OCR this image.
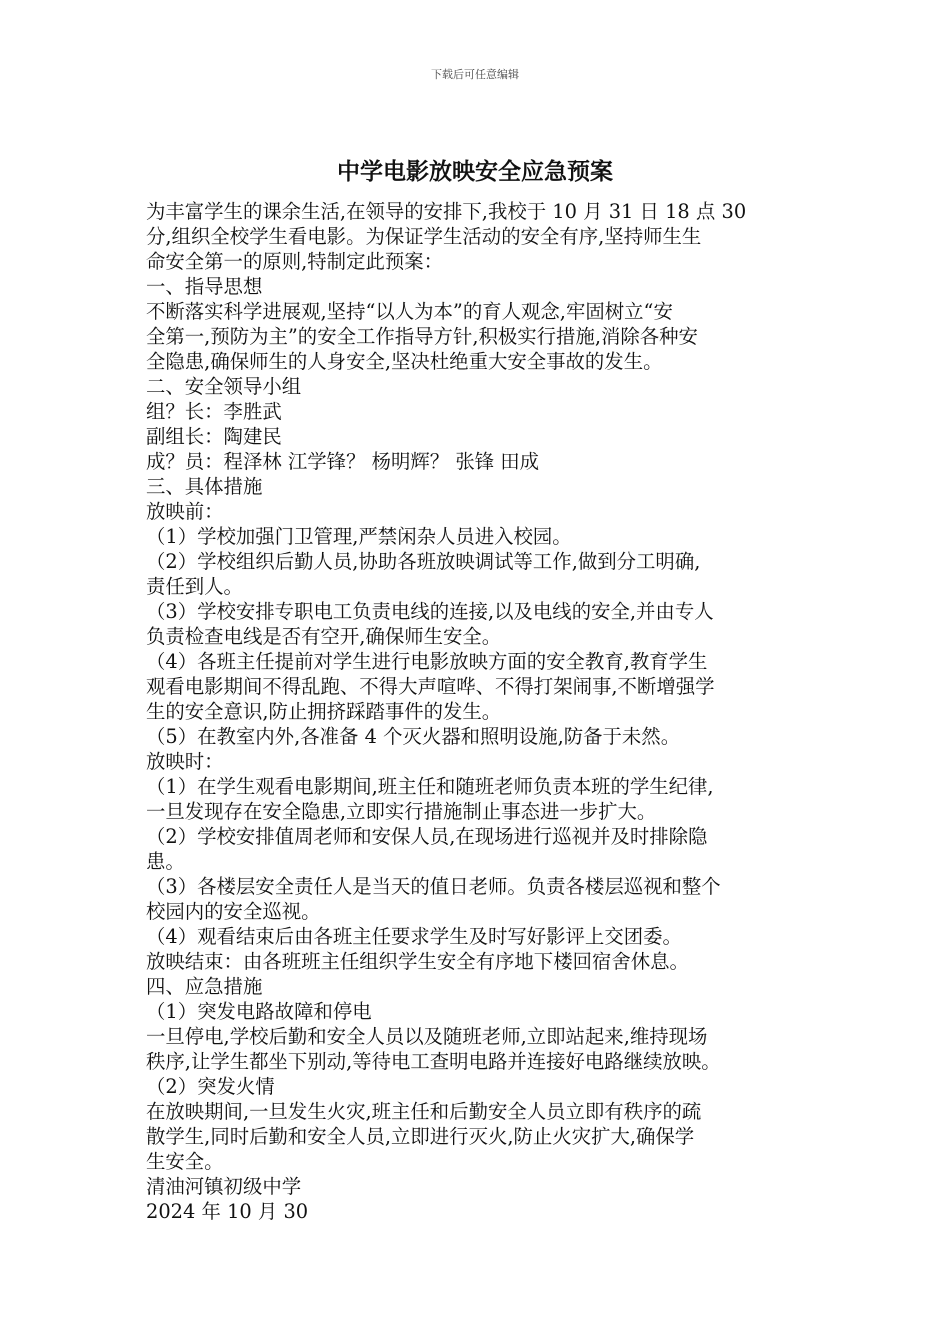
下载后可任意编辑
中学电影放映安全应急预案
为丰富学生的课余生活,在领导的安排下,我校于 10 月 31 日 18 点 30
分,组织全校学生看电影。为保证学生活动的安全有序,坚持师生生
命安全第一的原则,特制定此预案：
一、指导思想
不断落实科学进展观,坚持“以人为本”的育人观念,牢固树立“安
全第一,预防为主”的安全工作指导方针,积极实行措施,消除各种安
全隐患,确保师生的人身安全,坚决杜绝重大安全事故的发生。
二、安全领导小组
组？长：李胜武
副组长：陶建民
成？员：程泽林 江学锋？ 杨明辉？ 张锋 田成
三、具体措施
放映前：
（1）学校加强门卫管理,严禁闲杂人员进入校园。
（2）学校组织后勤人员,协助各班放映调试等工作,做到分工明确,
责任到人。
（3）学校安排专职电工负责电线的连接,以及电线的安全,并由专人
负责检查电线是否有空开,确保师生安全。
（4）各班主任提前对学生进行电影放映方面的安全教育,教育学生
观看电影期间不得乱跑、不得大声喧哗、不得打架闹事,不断增强学
生的安全意识,防止拥挤踩踏事件的发生。
（5）在教室内外,各准备 4 个灭火器和照明设施,防备于未然。
放映时：
（1）在学生观看电影期间,班主任和随班老师负责本班的学生纪律,
一旦发现存在安全隐患,立即实行措施制止事态进一步扩大。
（2）学校安排值周老师和安保人员,在现场进行巡视并及时排除隐
患。
（3）各楼层安全责任人是当天的值日老师。负责各楼层巡视和整个
校园内的安全巡视。
（4）观看结束后由各班主任要求学生及时写好影评上交团委。
放映结束：由各班班主任组织学生安全有序地下楼回宿舍休息。
四、应急措施
（1）突发电路故障和停电
一旦停电,学校后勤和安全人员以及随班老师,立即站起来,维持现场
秩序,让学生都坐下别动,等待电工查明电路并连接好电路继续放映。
（2）突发火情
在放映期间,一旦发生火灾,班主任和后勤安全人员立即有秩序的疏
散学生,同时后勤和安全人员,立即进行灭火,防止火灾扩大,确保学
生安全。
清油河镇初级中学
2024 年 10 月 30
